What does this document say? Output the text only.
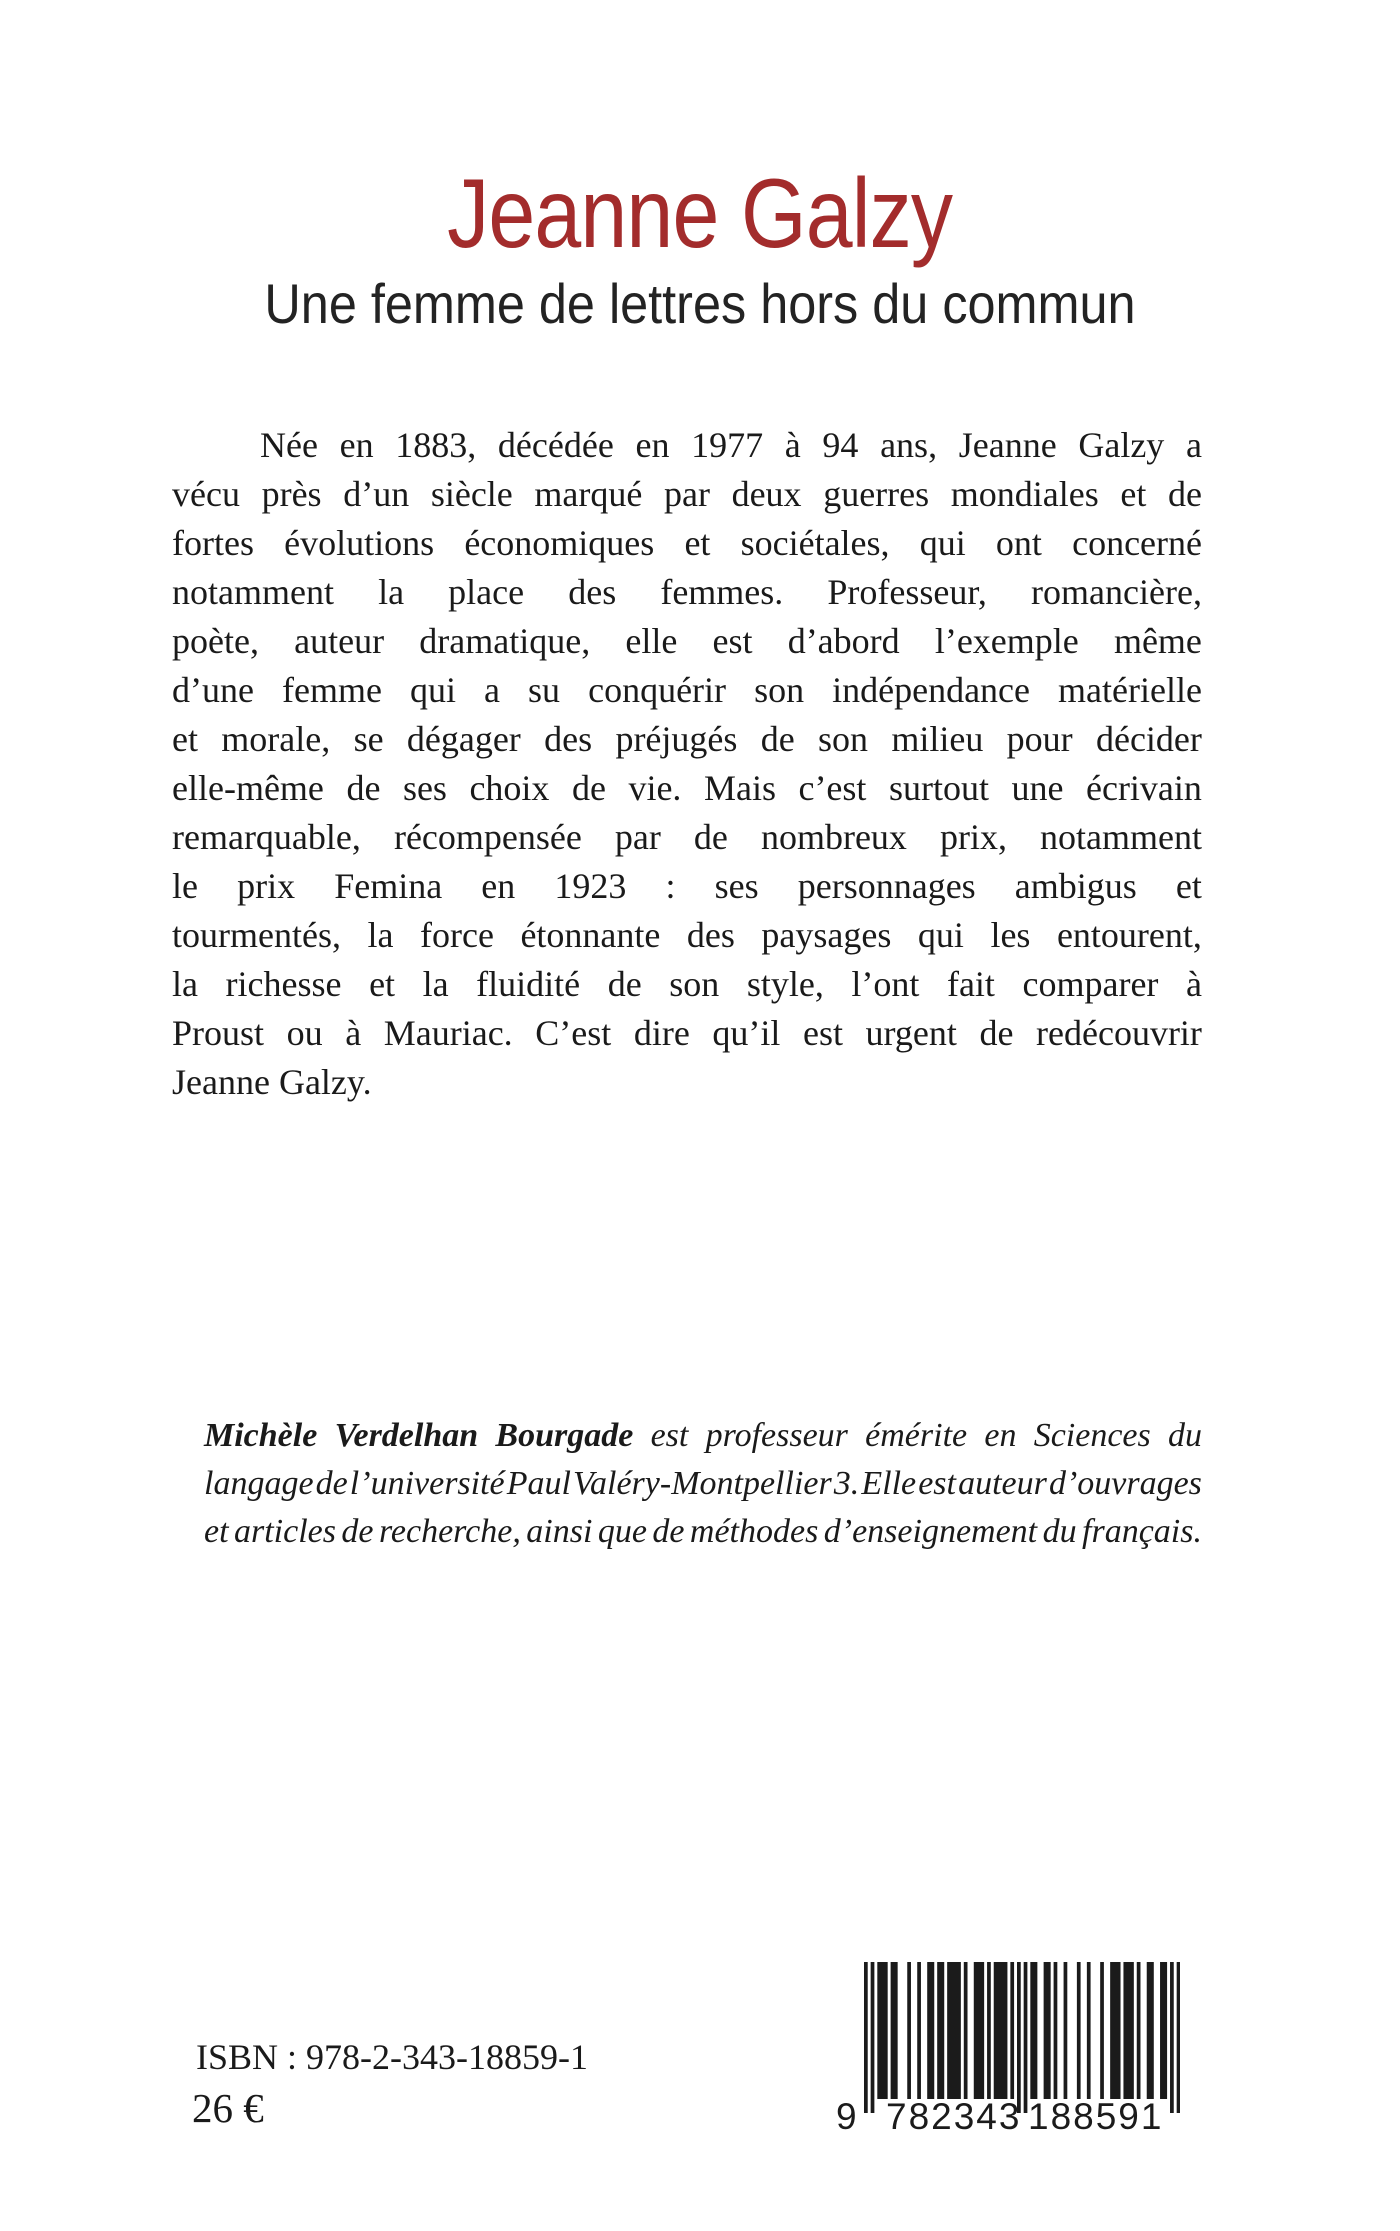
Jeanne Galzy
Une femme de lettres hors du commun
Née en 1883, décédée en 1977 à 94 ans, Jeanne Galzy a
vécu près d’un siècle marqué par deux guerres mondiales et de
fortes évolutions économiques et sociétales, qui ont concerné
notamment la place des femmes. Professeur, romancière,
poète, auteur dramatique, elle est d’abord l’exemple même
d’une femme qui a su conquérir son indépendance matérielle
et morale, se dégager des préjugés de son milieu pour décider
elle-même de ses choix de vie. Mais c’est surtout une écrivain
remarquable, récompensée par de nombreux prix, notamment
le prix Femina en 1923 : ses personnages ambigus et
tourmentés, la force étonnante des paysages qui les entourent,
la richesse et la fluidité de son style, l’ont fait comparer à
Proust ou à Mauriac. C’est dire qu’il est urgent de redécouvrir
Jeanne Galzy.
Michèle Verdelhan Bourgade est professeur émérite en Sciences du
langage de l’université Paul Valéry-Montpellier 3. Elle est auteur d’ouvrages
et articles de recherche, ainsi que de méthodes d’enseignement du français.
ISBN : 978-2-343-18859-1
26 €	9 782343 188591
